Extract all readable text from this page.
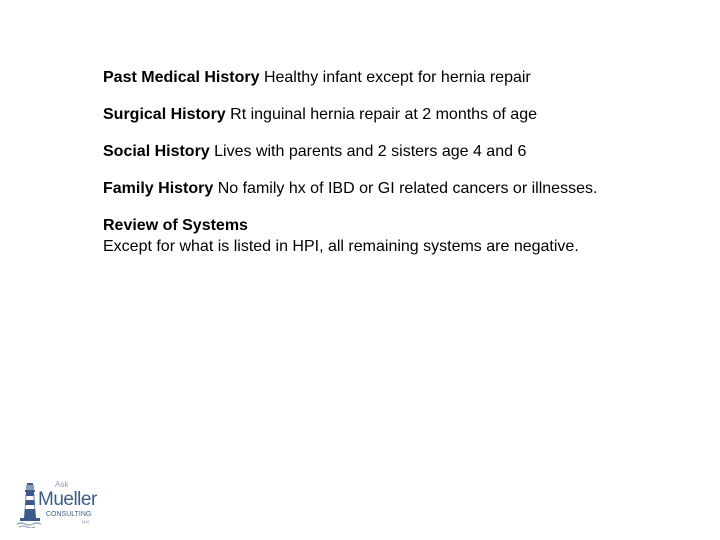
Past Medical History Healthy infant except for hernia repair

Surgical History Rt inguinal hernia repair at 2 months of age

Social History Lives with parents and 2 sisters age 4 and 6

Family History No family hx of IBD or GI related cancers or illnesses.

Review of Systems
Except for what is listed in HPI, all remaining systems are negative.

Ask
Mueller
CONSULTING
LLC
